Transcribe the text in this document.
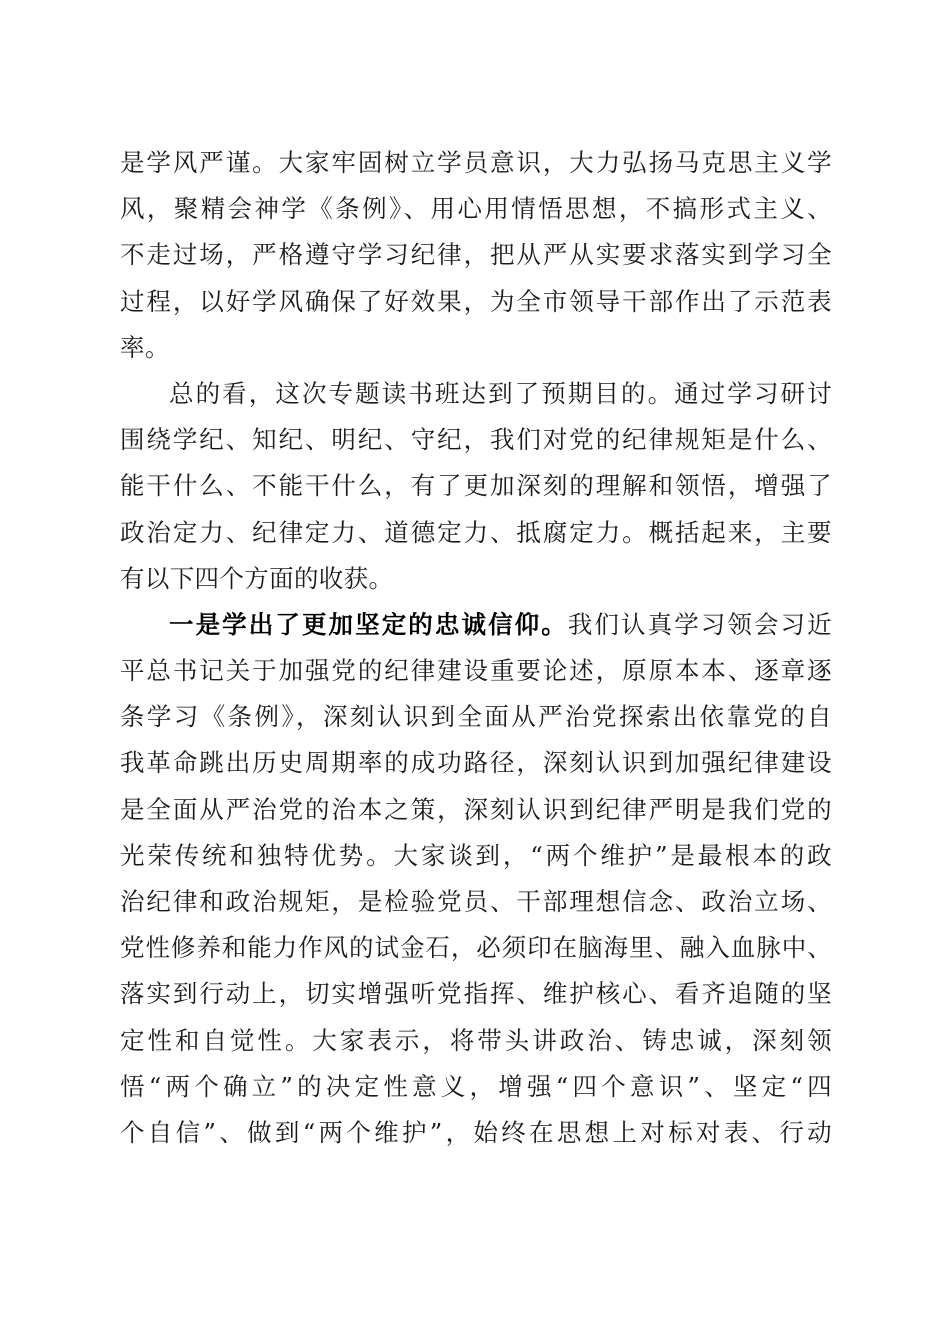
是学风严谨。大家牢固树立学员意识，大力弘扬马克思主义学
风，聚精会神学《条例》、用心用情悟思想，不搞形式主义、
不走过场，严格遵守学习纪律，把从严从实要求落实到学习全
过程，以好学风确保了好效果，为全市领导干部作出了示范表
率。
总的看，这次专题读书班达到了预期目的。通过学习研讨
围绕学纪、知纪、明纪、守纪，我们对党的纪律规矩是什么、
能干什么、不能干什么，有了更加深刻的理解和领悟，增强了
政治定力、纪律定力、道德定力、抵腐定力。概括起来，主要
有以下四个方面的收获。
一是学出了更加坚定的忠诚信仰。我们认真学习领会习近
平总书记关于加强党的纪律建设重要论述，原原本本、逐章逐
条学习《条例》，深刻认识到全面从严治党探索出依靠党的自
我革命跳出历史周期率的成功路径，深刻认识到加强纪律建设
是全面从严治党的治本之策，深刻认识到纪律严明是我们党的
光荣传统和独特优势。大家谈到，“两个维护”是最根本的政
治纪律和政治规矩，是检验党员、干部理想信念、政治立场、
党性修养和能力作风的试金石，必须印在脑海里、融入血脉中、
落实到行动上，切实增强听党指挥、维护核心、看齐追随的坚
定性和自觉性。大家表示，将带头讲政治、铸忠诚，深刻领
悟“两个确立”的决定性意义，增强“四个意识”、坚定“四
个自信”、做到“两个维护”，始终在思想上对标对表、行动
